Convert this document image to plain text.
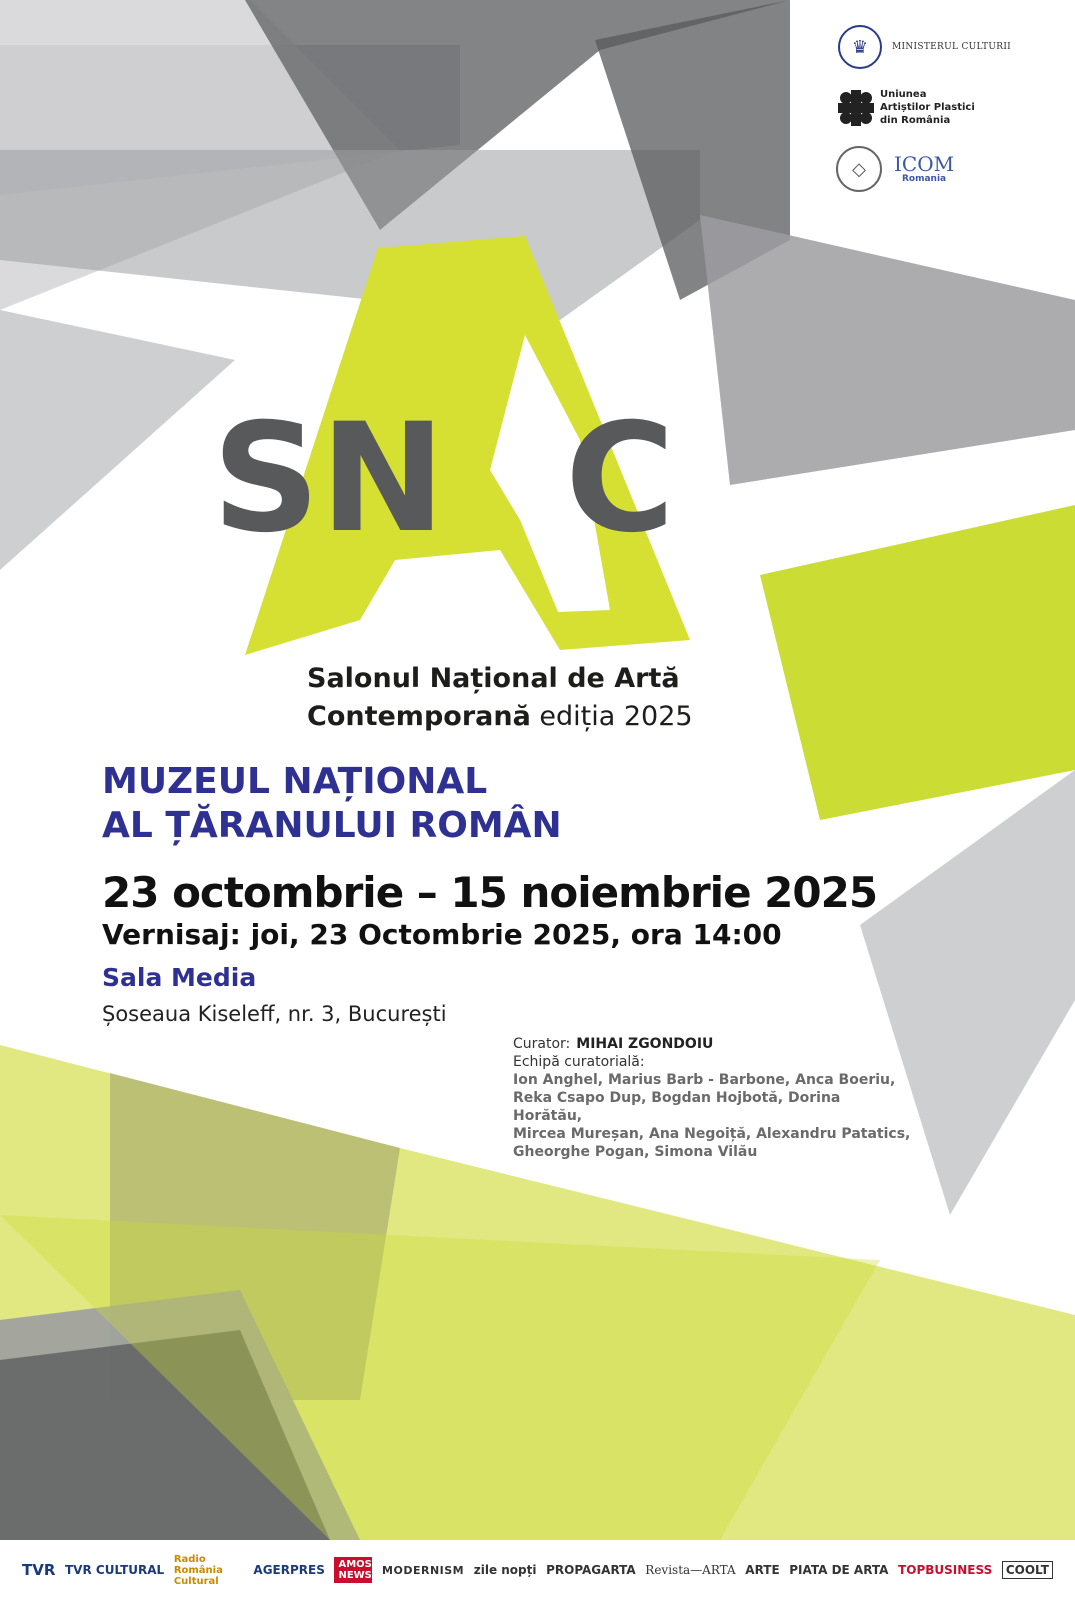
♛	MINISTERUL CULTURII
Uniunea
Artiștilor Plastici
din România
◇	ICOM
Romania
S N C
Salonul Național de Artă
Contemporană ediția 2025
MUZEUL NAȚIONAL
AL ȚĂRANULUI ROMÂN
23 octombrie – 15 noiembrie 2025
Vernisaj: joi, 23 Octombrie 2025, ora 14:00
Sala Media
Șoseaua Kiseleff, nr. 3, București
Curator: MIHAI ZGONDOIU
Echipă curatorială:
Ion Anghel, Marius Barb - Barbone, Anca Boeriu,
Reka Csapo Dup, Bogdan Hojbotă, Dorina Horătău,
Mircea Mureșan, Ana Negoiță, Alexandru Patatics,
Gheorghe Pogan, Simona Vilău
TVR TVR CULTURAL
Radio România Cultural
AGERPRES	AMOS NEWS MODERNISM zile nopți PROPAGARTA Revista—ARTA ARTE PIATA DE ARTA TOPBUSINESS	COOLT
